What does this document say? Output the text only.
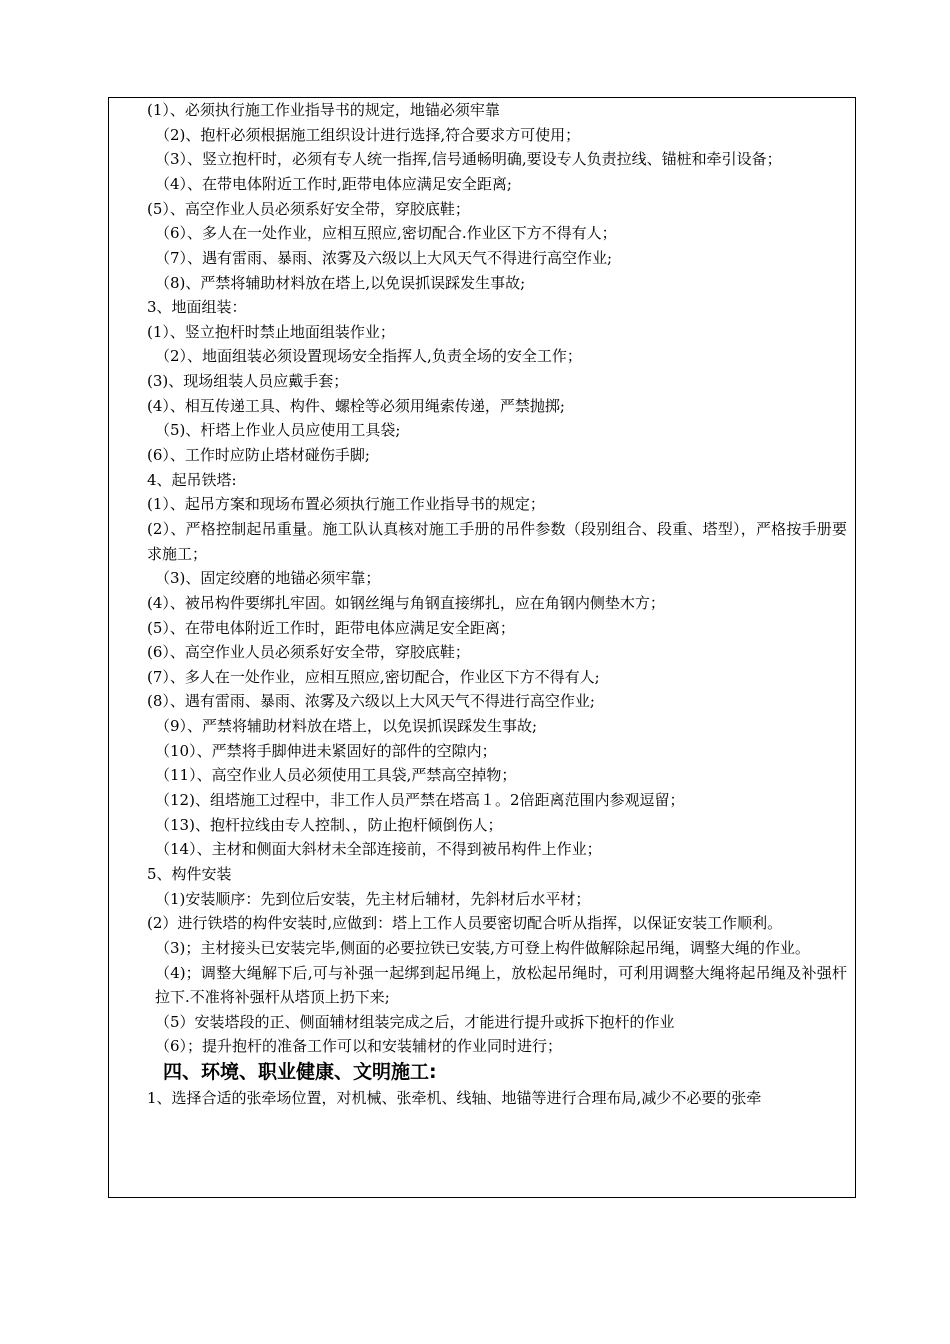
(1）、必须执行施工作业指导书的规定，地锚必须牢靠
（2)、抱杆必须根据施工组织设计进行选择,符合要求方可使用；
（3）、竖立抱杆时，必须有专人统一指挥,信号通畅明确,要设专人负责拉线、锚桩和牵引设备；
（4）、在带电体附近工作时,距带电体应满足安全距离;
(5）、高空作业人员必须系好安全带，穿胶底鞋；
（6）、多人在一处作业，应相互照应,密切配合.作业区下方不得有人；
（7）、遇有雷雨、暴雨、浓雾及六级以上大风天气不得进行高空作业;
（8)、严禁将辅助材料放在塔上,以免误抓误踩发生事故;
3、地面组装：
(1）、竖立抱杆时禁止地面组装作业；
（2）、地面组装必须设置现场安全指挥人,负责全场的安全工作；
(3)、现场组装人员应戴手套；
(4）、相互传递工具、构件、螺栓等必须用绳索传递，严禁抛掷;
（5)、杆塔上作业人员应使用工具袋;
(6）、工作时应防止塔材碰伤手脚;
4、起吊铁塔:
(1）、起吊方案和现场布置必须执行施工作业指导书的规定；
(2）、严格控制起吊重量。施工队认真核对施工手册的吊件参数（段别组合、段重、塔型），严格按手册要求施工；
（3)、固定绞磨的地锚必须牢靠；
(4）、被吊构件要绑扎牢固。如钢丝绳与角钢直接绑扎，应在角钢内侧垫木方；
(5）、在带电体附近工作时，距带电体应满足安全距离；
(6）、高空作业人员必须系好安全带，穿胶底鞋；
(7）、多人在一处作业，应相互照应,密切配合，作业区下方不得有人;
(8）、遇有雷雨、暴雨、浓雾及六级以上大风天气不得进行高空作业;
（9）、严禁将辅助材料放在塔上，以免误抓误踩发生事故;
（10）、严禁将手脚伸进未紧固好的部件的空隙内；
（11）、高空作业人员必须使用工具袋,严禁高空掉物；
（12)、组塔施工过程中，非工作人员严禁在塔高１。2倍距离范围内参观逗留；
（13)、抱杆拉线由专人控制、，防止抱杆倾倒伤人；
（14）、主材和侧面大斜材未全部连接前，不得到被吊构件上作业；
5、构件安装
（1)安装顺序：先到位后安装，先主材后辅材，先斜材后水平材；
(2）进行铁塔的构件安装时,应做到：塔上工作人员要密切配合听从指挥，以保证安装工作顺利。
（3)；主材接头已安装完毕,侧面的必要拉铁已安装,方可登上构件做解除起吊绳，调整大绳的作业。
（4)；调整大绳解下后,可与补强一起绑到起吊绳上，放松起吊绳时，可利用调整大绳将起吊绳及补强杆拉下.不准将补强杆从塔顶上扔下来;
（5）安装塔段的正、侧面辅材组装完成之后，才能进行提升或拆下抱杆的作业
（6）；提升抱杆的准备工作可以和安装辅材的作业同时进行；
四、环境、职业健康、文明施工:
1、选择合适的张牵场位置，对机械、张牵机、线轴、地锚等进行合理布局,减少不必要的张牵
